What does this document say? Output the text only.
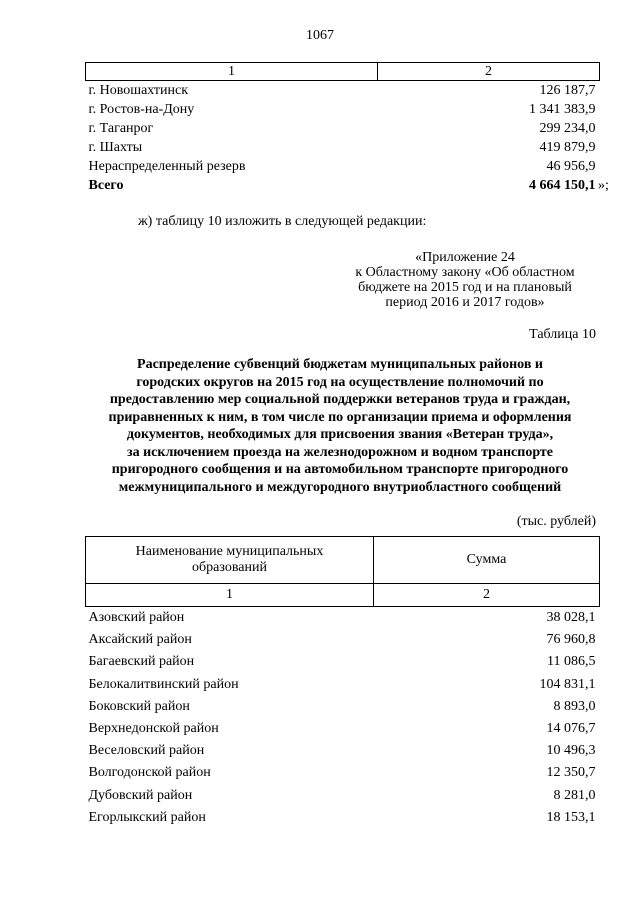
1067
1	2
г. Новошахтинск	126 187,7
г. Ростов-на-Дону	1 341 383,9
г. Таганрог	299 234,0
г. Шахты	419 879,9
Нераспределенный резерв	46 956,9
Всего	4 664 150,1 »;
ж) таблицу 10 изложить в следующей редакции:
«Приложение 24
к Областному закону «Об областном
бюджете на 2015 год и на плановый
период 2016 и 2017 годов»
Таблица 10
Распределение субвенций бюджетам муниципальных районов и
городских округов на 2015 год на осуществление полномочий по
предоставлению мер социальной поддержки ветеранов труда и граждан,
приравненных к ним, в том числе по организации приема и оформления
документов, необходимых для присвоения звания «Ветеран труда»,
за исключением проезда на железнодорожном и водном транспорте
пригородного сообщения и на автомобильном транспорте пригородного
межмуниципального и междугородного внутриобластного сообщений
(тыс. рублей)
Наименование муниципальных
образований	Сумма
1	2
Азовский район	38 028,1
Аксайский район	76 960,8
Багаевский район	11 086,5
Белокалитвинский район	104 831,1
Боковский район	8 893,0
Верхнедонской район	14 076,7
Веселовский район	10 496,3
Волгодонской район	12 350,7
Дубовский район	8 281,0
Егорлыкский район	18 153,1
